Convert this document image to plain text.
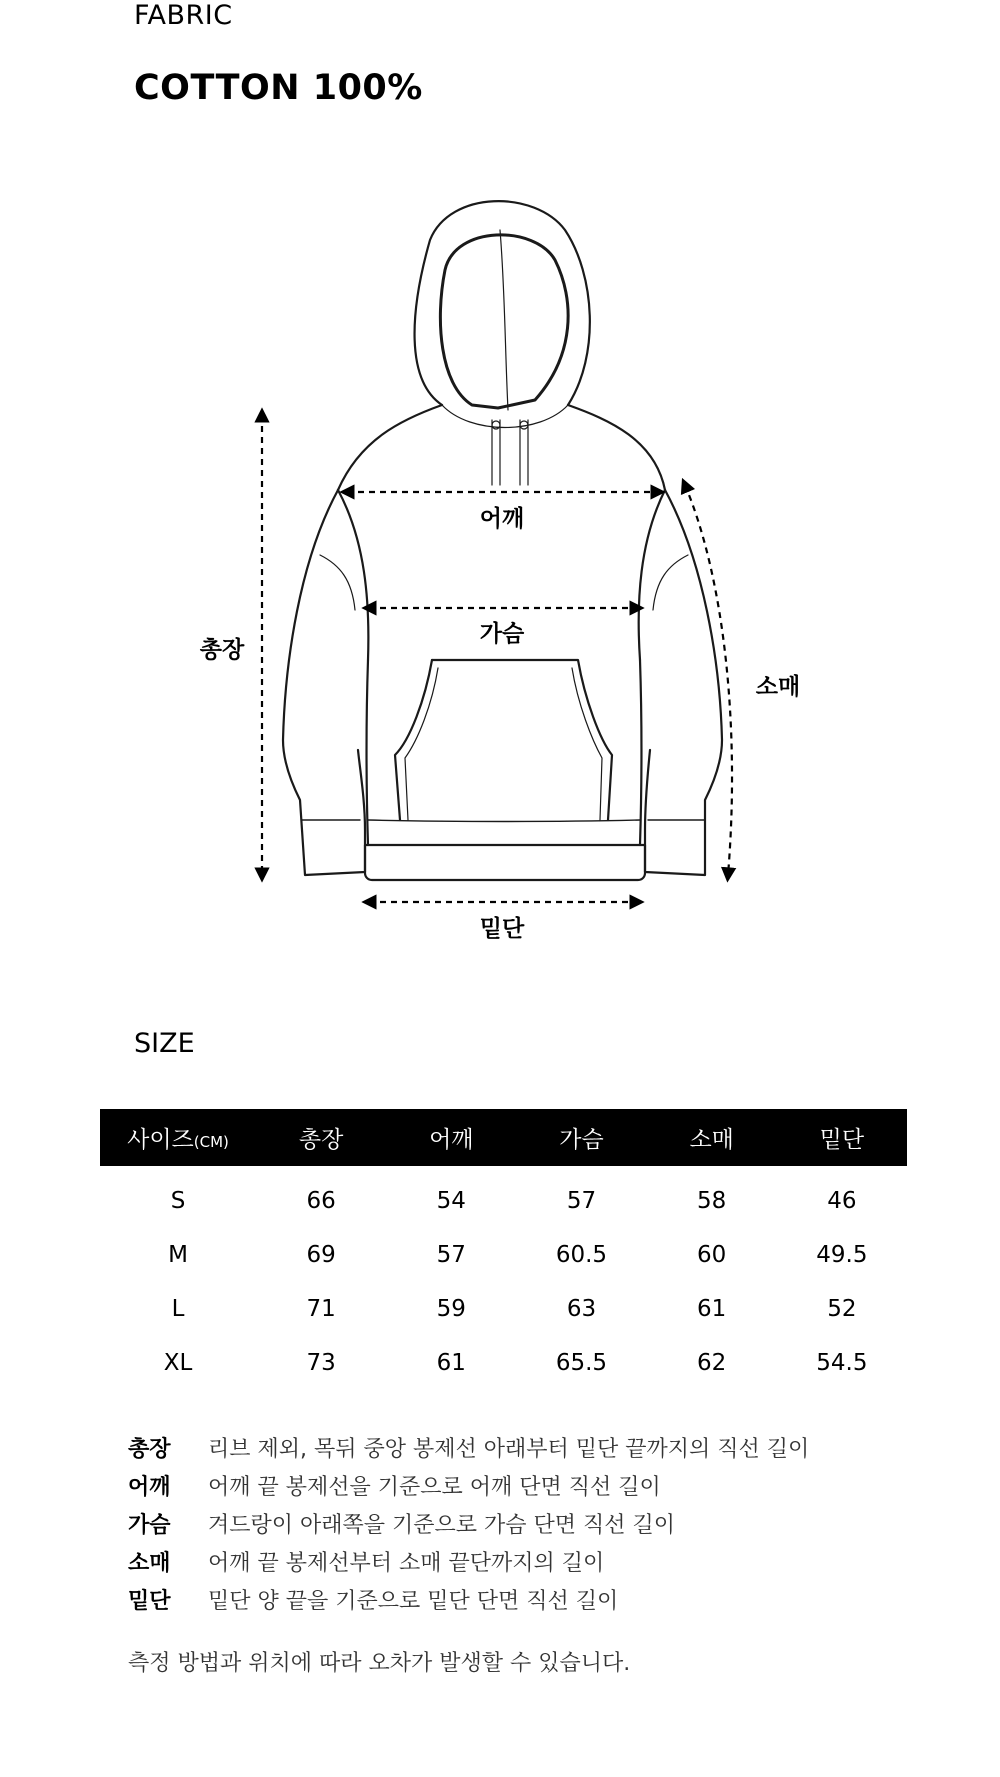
FABRIC
COTTON 100%
총장
어깨
가슴
소매
밑단
SIZE
사이즈(CM)	총장	어깨	가슴	소매	밑단
S	66	54	57	58	46
M	69	57	60.5	60	49.5
L	71	59	63	61	52
XL	73	61	65.5	62	54.5
총장	리브 제외, 목뒤 중앙 봉제선 아래부터 밑단 끝까지의 직선 길이
어깨	어깨 끝 봉제선을 기준으로 어깨 단면 직선 길이
가슴	겨드랑이 아래쪽을 기준으로 가슴 단면 직선 길이
소매	어깨 끝 봉제선부터 소매 끝단까지의 길이
밑단	밑단 양 끝을 기준으로 밑단 단면 직선 길이
측정 방법과 위치에 따라 오차가 발생할 수 있습니다.
